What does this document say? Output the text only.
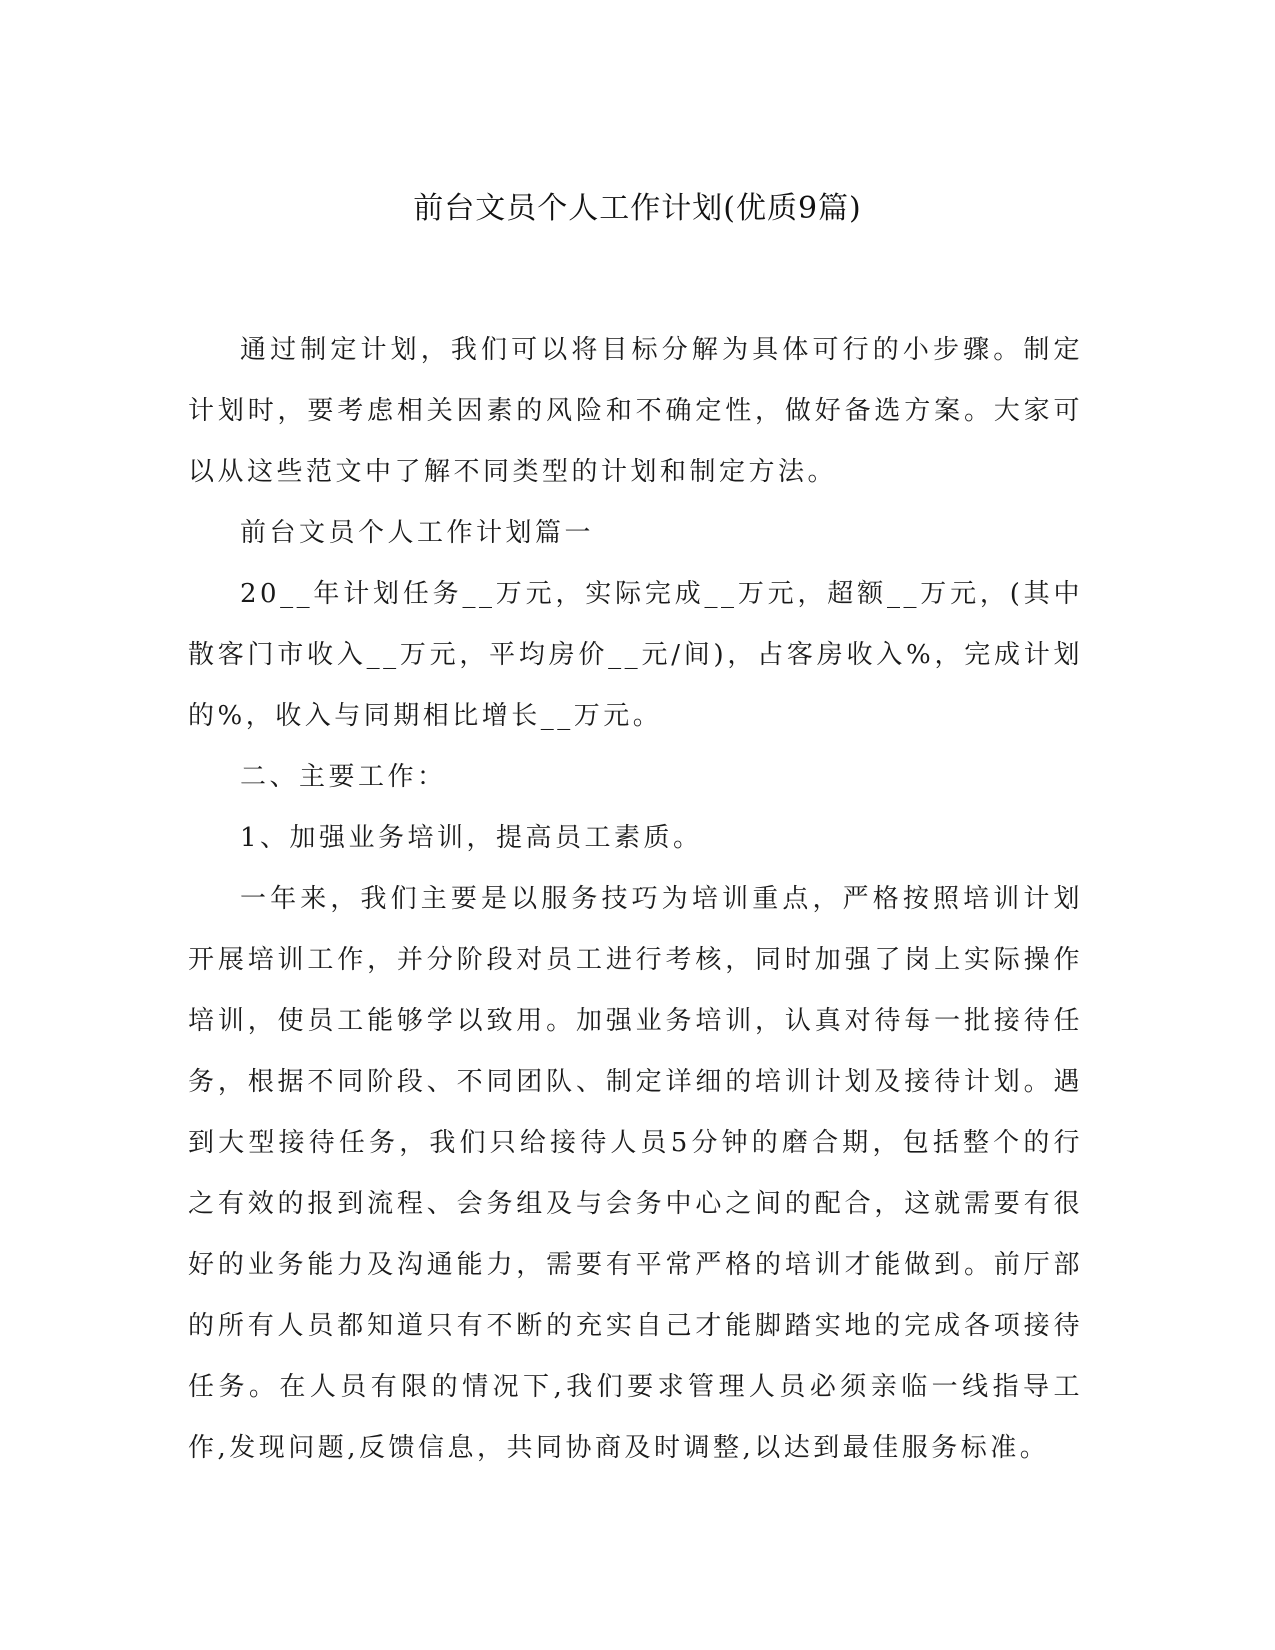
前台文员个人工作计划(优质9篇)

通过制定计划，我们可以将目标分解为具体可行的小步骤。制定计划时，要考虑相关因素的风险和不确定性，做好备选方案。大家可以从这些范文中了解不同类型的计划和制定方法。

前台文员个人工作计划篇一

20__年计划任务__万元，实际完成__万元，超额__万元，(其中散客门市收入__万元，平均房价__元/间)，占客房收入%，完成计划的%，收入与同期相比增长__万元。

二、主要工作：

1、加强业务培训，提高员工素质。

一年来，我们主要是以服务技巧为培训重点，严格按照培训计划开展培训工作，并分阶段对员工进行考核，同时加强了岗上实际操作培训，使员工能够学以致用。加强业务培训，认真对待每一批接待任务，根据不同阶段、不同团队、制定详细的培训计划及接待计划。遇到大型接待任务，我们只给接待人员5分钟的磨合期，包括整个的行之有效的报到流程、会务组及与会务中心之间的配合，这就需要有很好的业务能力及沟通能力，需要有平常严格的培训才能做到。前厅部的所有人员都知道只有不断的充实自己才能脚踏实地的完成各项接待任务。在人员有限的情况下,我们要求管理人员必须亲临一线指导工作,发现问题,反馈信息，共同协商及时调整,以达到最佳服务标准。
